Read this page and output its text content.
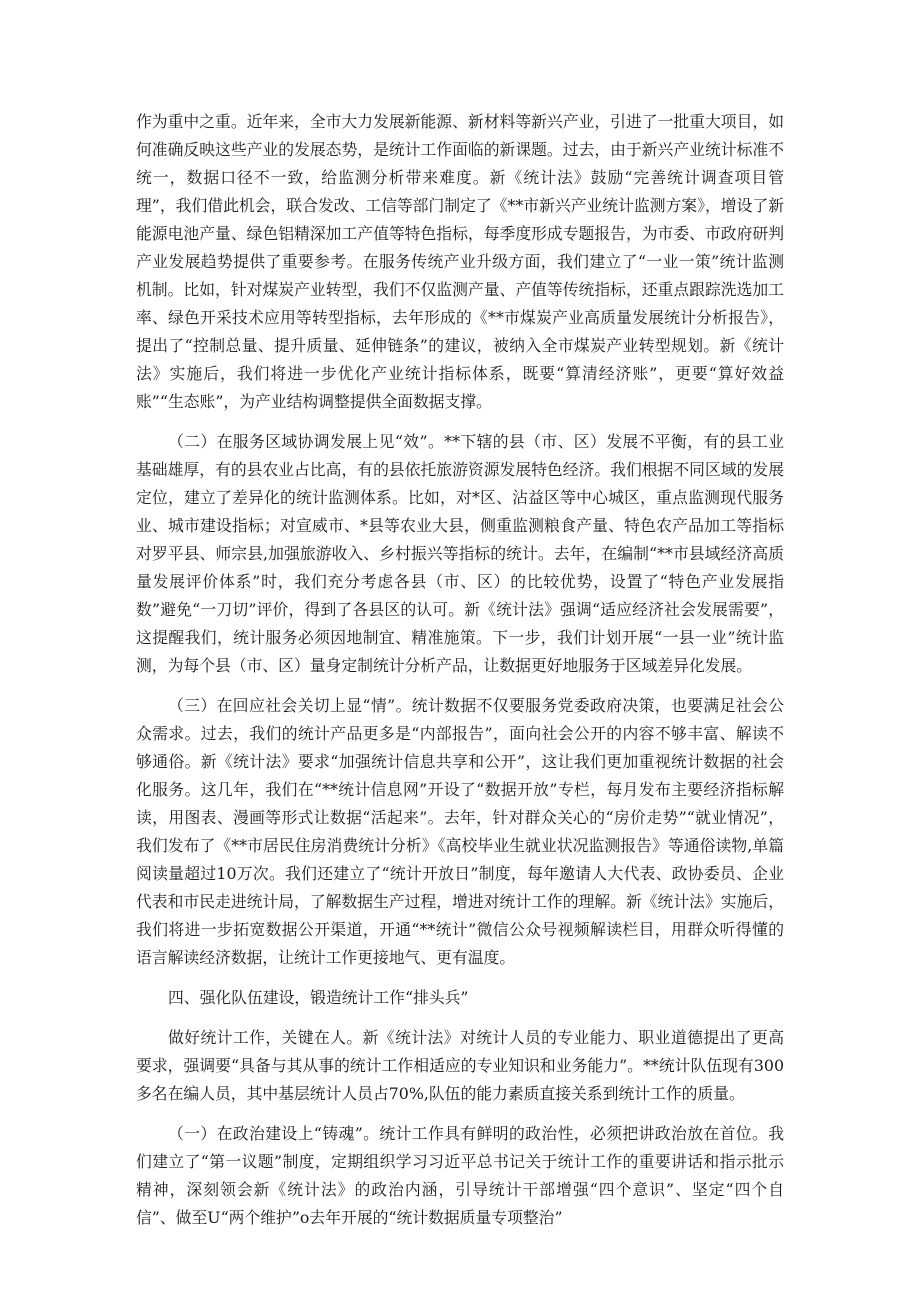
作为重中之重。近年来，全市大力发展新能源、新材料等新兴产业，引进了一批重大项目，如何准确反映这些产业的发展态势，是统计工作面临的新课题。过去，由于新兴产业统计标准不统一，数据口径不一致，给监测分析带来难度。新《统计法》鼓励“完善统计调查项目管理”，我们借此机会，联合发改、工信等部门制定了《**市新兴产业统计监测方案》，增设了新能源电池产量、绿色铝精深加工产值等特色指标，每季度形成专题报告，为市委、市政府研判产业发展趋势提供了重要参考。在服务传统产业升级方面，我们建立了“一业一策”统计监测机制。比如，针对煤炭产业转型，我们不仅监测产量、产值等传统指标，还重点跟踪洗选加工率、绿色开采技术应用等转型指标，去年形成的《**市煤炭产业高质量发展统计分析报告》，提出了“控制总量、提升质量、延伸链条”的建议，被纳入全市煤炭产业转型规划。新《统计法》实施后，我们将进一步优化产业统计指标体系，既要“算清经济账”，更要“算好效益账”“生态账”，为产业结构调整提供全面数据支撑。

（二）在服务区域协调发展上见“效”。**下辖的县（市、区）发展不平衡，有的县工业基础雄厚，有的县农业占比高，有的县依托旅游资源发展特色经济。我们根据不同区域的发展定位，建立了差异化的统计监测体系。比如，对*区、沾益区等中心城区，重点监测现代服务业、城市建设指标；对宣威市、*县等农业大县，侧重监测粮食产量、特色农产品加工等指标 对罗平县、师宗县,加强旅游收入、乡村振兴等指标的统计。去年，在编制“**市县域经济高质量发展评价体系”时，我们充分考虑各县（市、区）的比较优势，设置了“特色产业发展指数”避免“一刀切”评价，得到了各县区的认可。新《统计法》强调“适应经济社会发展需要”，这提醒我们，统计服务必须因地制宜、精准施策。下一步，我们计划开展“一县一业”统计监测，为每个县（市、区）量身定制统计分析产品，让数据更好地服务于区域差异化发展。

（三）在回应社会关切上显“情”。统计数据不仅要服务党委政府决策，也要满足社会公众需求。过去，我们的统计产品更多是“内部报告”，面向社会公开的内容不够丰富、解读不够通俗。新《统计法》要求“加强统计信息共享和公开”，这让我们更加重视统计数据的社会化服务。这几年，我们在“**统计信息网”开设了“数据开放”专栏，每月发布主要经济指标解读，用图表、漫画等形式让数据“活起来”。去年，针对群众关心的“房价走势”“就业情况”，我们发布了《**市居民住房消费统计分析》《高校毕业生就业状况监测报告》等通俗读物,单篇阅读量超过10万次。我们还建立了“统计开放日”制度，每年邀请人大代表、政协委员、企业代表和市民走进统计局，了解数据生产过程，增进对统计工作的理解。新《统计法》实施后，我们将进一步拓宽数据公开渠道，开通“**统计”微信公众号视频解读栏目，用群众听得懂的语言解读经济数据，让统计工作更接地气、更有温度。

四、强化队伍建设，锻造统计工作“排头兵”

做好统计工作，关键在人。新《统计法》对统计人员的专业能力、职业道德提出了更高要求，强调要“具备与其从事的统计工作相适应的专业知识和业务能力”。**统计队伍现有300多名在编人员，其中基层统计人员占70%,队伍的能力素质直接关系到统计工作的质量。

（一）在政治建设上“铸魂”。统计工作具有鲜明的政治性，必须把讲政治放在首位。我们建立了“第一议题”制度，定期组织学习习近平总书记关于统计工作的重要讲话和指示批示精神，深刻领会新《统计法》的政治内涵，引导统计干部增强“四个意识”、坚定“四个自信”、做至U“两个维护”o去年开展的“统计数据质量专项整治”
